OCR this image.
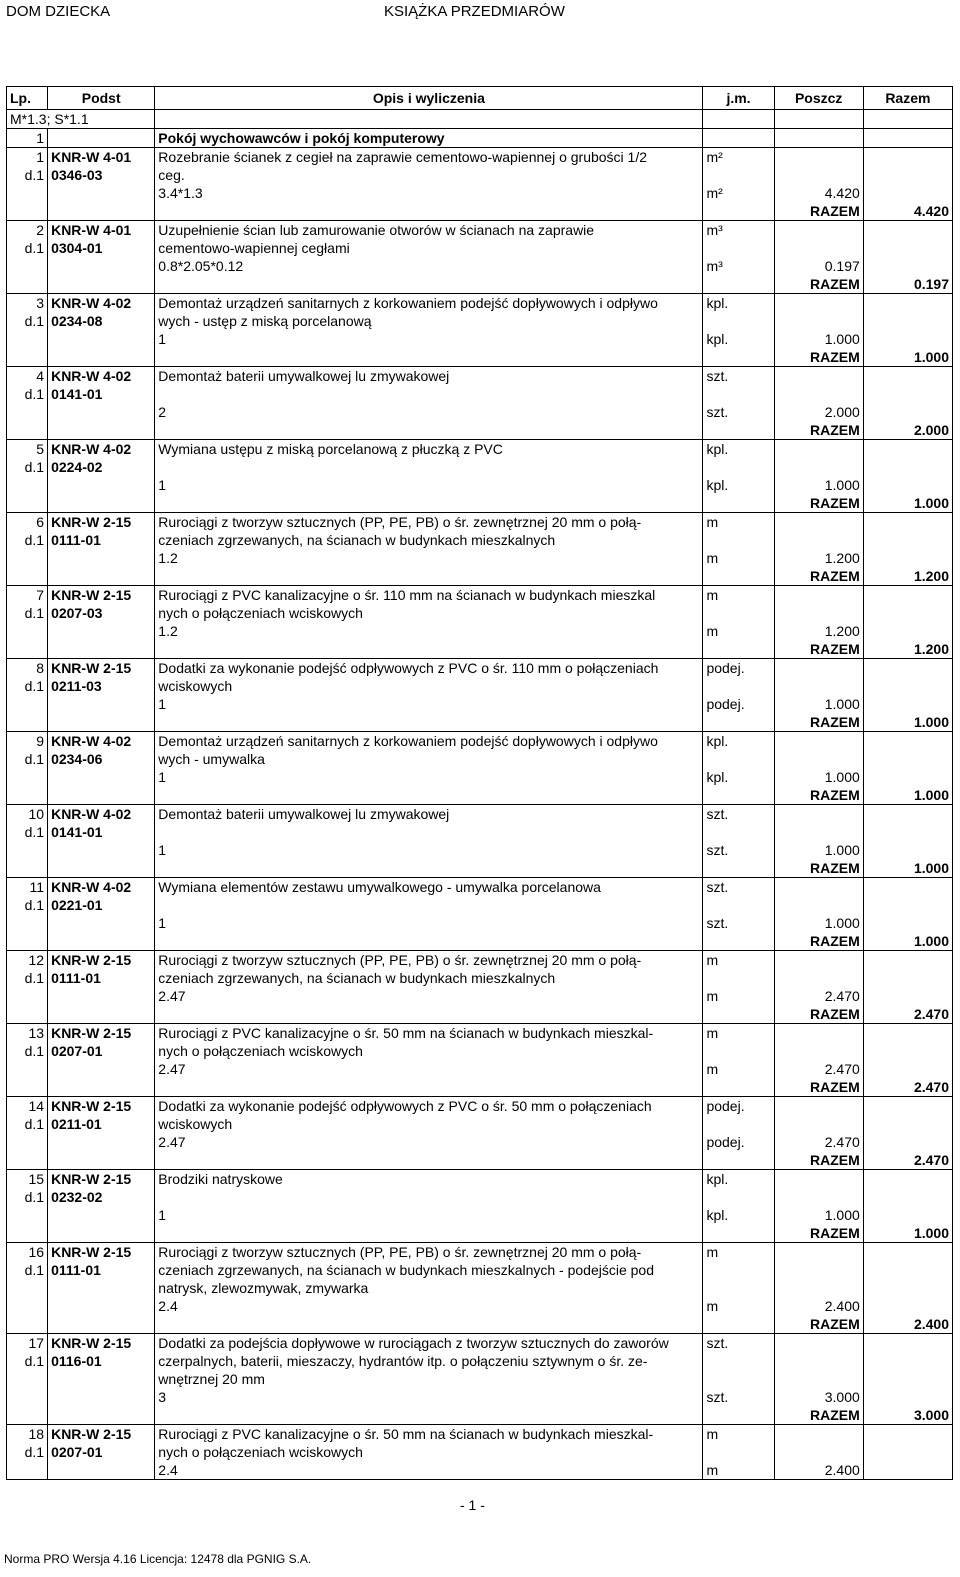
DOM DZIECKA	KSIĄŻKA PRZEDMIARÓW
Lp.	Podst	Opis i wyliczenia	j.m.	Poszcz	Razem
M*1.3; S*1.1					
1		Pokój wychowawców i pokój komputerowy			
1	KNR-W 4-01	Rozebranie ścianek z cegieł na zaprawie cementowo-wapiennej o grubości 1/2	m²		
d.1	0346-03	ceg.			
		3.4*1.3	m²	4.420	
				RAZEM	4.420
2	KNR-W 4-01	Uzupełnienie ścian lub zamurowanie otworów w ścianach na zaprawie	m³		
d.1	0304-01	cementowo-wapiennej cegłami			
		0.8*2.05*0.12	m³	0.197	
				RAZEM	0.197
3	KNR-W 4-02	Demontaż urządzeń sanitarnych z korkowaniem podejść dopływowych i odpływo	kpl.		
d.1	0234-08	wych - ustęp z miską porcelanową			
		1	kpl.	1.000	
				RAZEM	1.000
4	KNR-W 4-02	Demontaż baterii umywalkowej lu zmywakowej	szt.		
d.1	0141-01				
		2	szt.	2.000	
				RAZEM	2.000
5	KNR-W 4-02	Wymiana ustępu z miską porcelanową z płuczką z PVC	kpl.		
d.1	0224-02				
		1	kpl.	1.000	
				RAZEM	1.000
6	KNR-W 2-15	Rurociągi z tworzyw sztucznych (PP, PE, PB) o śr. zewnętrznej 20 mm o połą-	m		
d.1	0111-01	czeniach zgrzewanych, na ścianach w budynkach mieszkalnych			
		1.2	m	1.200	
				RAZEM	1.200
7	KNR-W 2-15	Rurociągi z PVC kanalizacyjne o śr. 110 mm na ścianach w budynkach mieszkal	m		
d.1	0207-03	nych o połączeniach wciskowych			
		1.2	m	1.200	
				RAZEM	1.200
8	KNR-W 2-15	Dodatki za wykonanie podejść odpływowych z PVC o śr. 110 mm o połączeniach	podej.		
d.1	0211-03	wciskowych			
		1	podej.	1.000	
				RAZEM	1.000
9	KNR-W 4-02	Demontaż urządzeń sanitarnych z korkowaniem podejść dopływowych i odpływo	kpl.		
d.1	0234-06	wych - umywalka			
		1	kpl.	1.000	
				RAZEM	1.000
10	KNR-W 4-02	Demontaż baterii umywalkowej lu zmywakowej	szt.		
d.1	0141-01				
		1	szt.	1.000	
				RAZEM	1.000
11	KNR-W 4-02	Wymiana elementów zestawu umywalkowego - umywalka porcelanowa	szt.		
d.1	0221-01				
		1	szt.	1.000	
				RAZEM	1.000
12	KNR-W 2-15	Rurociągi z tworzyw sztucznych (PP, PE, PB) o śr. zewnętrznej 20 mm o połą-	m		
d.1	0111-01	czeniach zgrzewanych, na ścianach w budynkach mieszkalnych			
		2.47	m	2.470	
				RAZEM	2.470
13	KNR-W 2-15	Rurociągi z PVC kanalizacyjne o śr. 50 mm na ścianach w budynkach mieszkal-	m		
d.1	0207-01	nych o połączeniach wciskowych			
		2.47	m	2.470	
				RAZEM	2.470
14	KNR-W 2-15	Dodatki za wykonanie podejść odpływowych z PVC o śr. 50 mm o połączeniach	podej.		
d.1	0211-01	wciskowych			
		2.47	podej.	2.470	
				RAZEM	2.470
15	KNR-W 2-15	Brodziki natryskowe	kpl.		
d.1	0232-02				
		1	kpl.	1.000	
				RAZEM	1.000
16	KNR-W 2-15	Rurociągi z tworzyw sztucznych (PP, PE, PB) o śr. zewnętrznej 20 mm o połą-	m		
d.1	0111-01	czeniach zgrzewanych, na ścianach w budynkach mieszkalnych - podejście pod			
		natrysk, zlewozmywak, zmywarka			
		2.4	m	2.400	
				RAZEM	2.400
17	KNR-W 2-15	Dodatki za podejścia dopływowe w rurociągach z tworzyw sztucznych do zaworów	szt.		
d.1	0116-01	czerpalnych, baterii, mieszaczy, hydrantów itp. o połączeniu sztywnym o śr. ze-			
		wnętrznej 20 mm			
		3	szt.	3.000	
				RAZEM	3.000
18	KNR-W 2-15	Rurociągi z PVC kanalizacyjne o śr. 50 mm na ścianach w budynkach mieszkal-	m		
d.1	0207-01	nych o połączeniach wciskowych			
		2.4	m	2.400	
- 1 -
Norma PRO Wersja 4.16 Licencja: 12478 dla PGNIG S.A.
